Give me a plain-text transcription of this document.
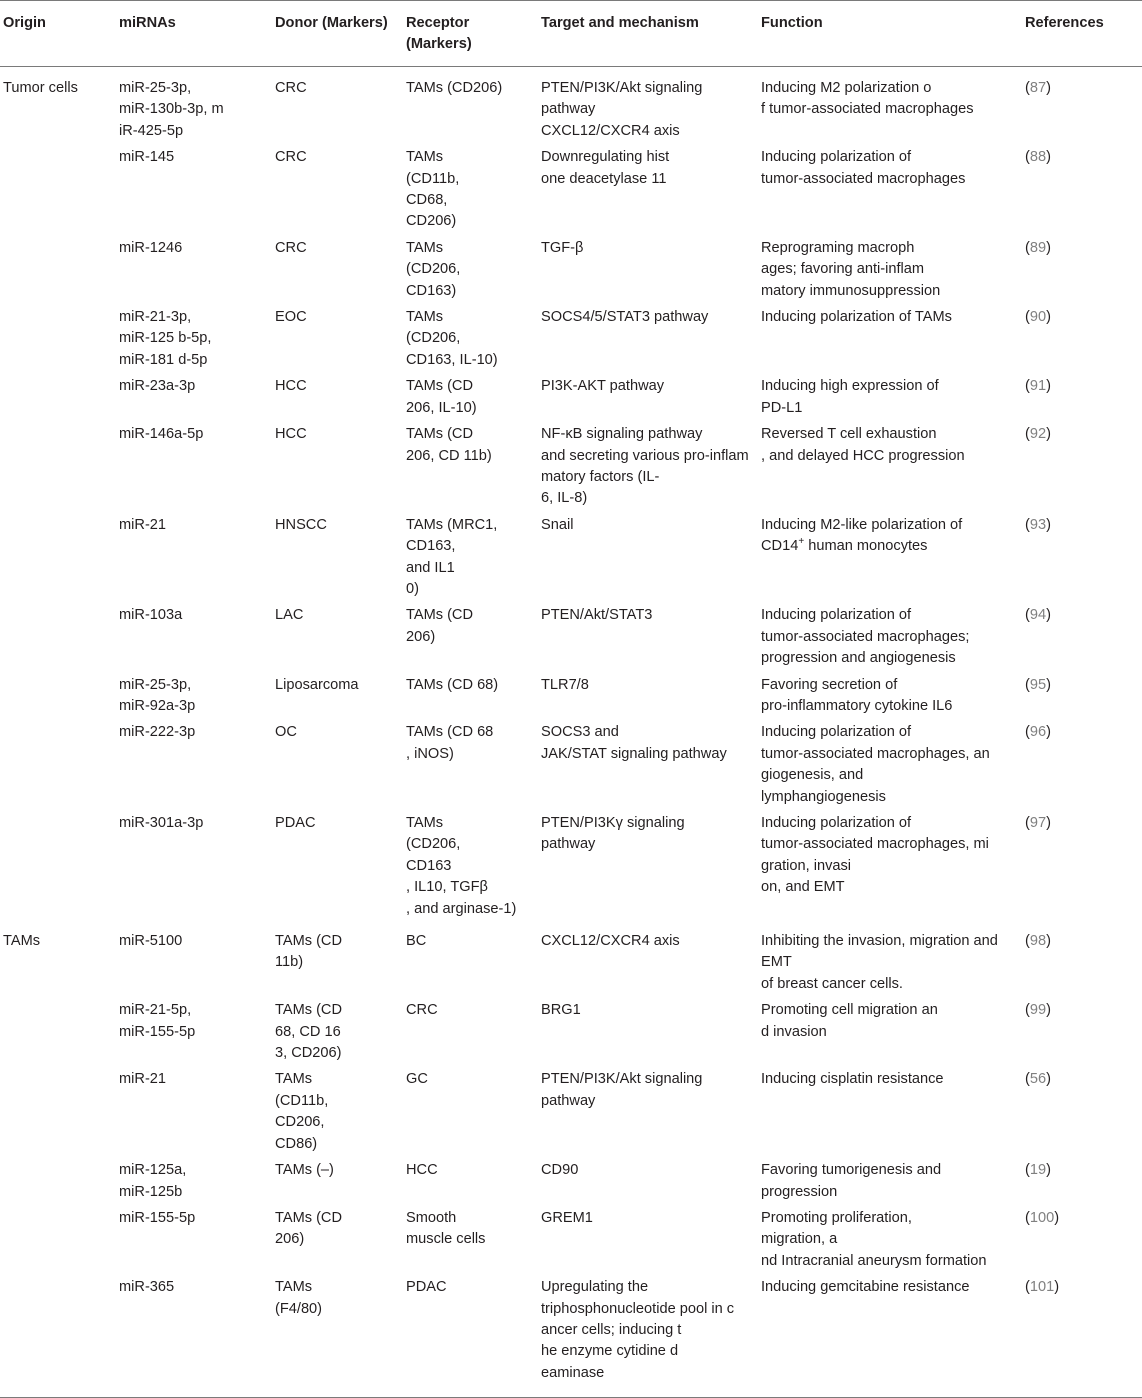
Origin	miRNAs	Donor (Markers)	Receptor (Markers)	Target and mechanism	Function	References
Tumor cells	miR-25-3p,
miR-130b-3p, m
iR-425-5p	CRC	TAMs (CD206)	PTEN/PI3K/Akt signaling pathway
CXCL12/CXCR4 axis	Inducing M2 polarization o
f tumor-associated macrophages	(87)

	miR-145	CRC	TAMs
(CD11b,
CD68,
CD206)	Downregulating hist
one deacetylase 11	Inducing polarization of
tumor-associated macrophages	(88)

	miR-1246	CRC	TAMs
(CD206,
CD163)	TGF-β	Reprograming macroph
ages; favoring anti-inflam
matory immunosuppression	(89)

	miR-21-3p,
miR-125 b-5p,
miR-181 d-5p	EOC	TAMs
(CD206,
CD163, IL-10)	SOCS4/5/STAT3 pathway	Inducing polarization of TAMs	(90)

	miR-23a-3p	HCC	TAMs (CD
206, IL-10)	PI3K-AKT pathway	Inducing high expression of
PD-L1	(91)

	miR-146a-5p	HCC	TAMs (CD
206, CD 11b)	NF-κB signaling pathway
and secreting various pro-inflam
matory factors (IL-
6, IL-8)	Reversed T cell exhaustion
, and delayed HCC progression	(92)

	miR-21	HNSCC	TAMs (MRC1,
CD163,
and IL1
0)	Snail	Inducing M2-like polarization of
CD14+ human monocytes	(93)

	miR-103a	LAC	TAMs (CD
206)	PTEN/Akt/STAT3	Inducing polarization of
tumor-associated macrophages;
progression and angiogenesis	(94)

	miR-25-3p,
miR-92a-3p	Liposarcoma	TAMs (CD 68)	TLR7/8	Favoring secretion of
pro-inflammatory cytokine IL6	(95)

	miR-222-3p	OC	TAMs (CD 68
, iNOS)	SOCS3 and
JAK/STAT signaling pathway	Inducing polarization of
tumor-associated macrophages, an
giogenesis, and
lymphangiogenesis	(96)

	miR-301a-3p	PDAC	TAMs
(CD206,
CD163
, IL10, TGFβ
, and arginase-1)	PTEN/PI3Kγ signaling
pathway	Inducing polarization of
tumor-associated macrophages, mi
gration, invasi
on, and EMT	(97)
TAMs	miR-5100	TAMs (CD
11b)	BC	CXCL12/CXCR4 axis	Inhibiting the invasion, migration and EMT
of breast cancer cells.	(98)

	miR-21-5p,
miR-155-5p	TAMs (CD
68, CD 16
3, CD206)	CRC	BRG1	Promoting cell migration an
d invasion	(99)

	miR-21	TAMs
(CD11b,
CD206,
CD86)	GC	PTEN/PI3K/Akt signaling
pathway	Inducing cisplatin resistance	(56)

	miR-125a,
miR-125b	TAMs (–)	HCC	CD90	Favoring tumorigenesis and progression	(19)

	miR-155-5p	TAMs (CD
206)	Smooth
muscle cells	GREM1	Promoting proliferation,
migration, a
nd Intracranial aneurysm formation	(100)

	miR-365	TAMs
(F4/80)	PDAC	Upregulating the
triphosphonucleotide pool in c
ancer cells; inducing t
he enzyme cytidine d
eaminase	Inducing gemcitabine resistance	(101)
